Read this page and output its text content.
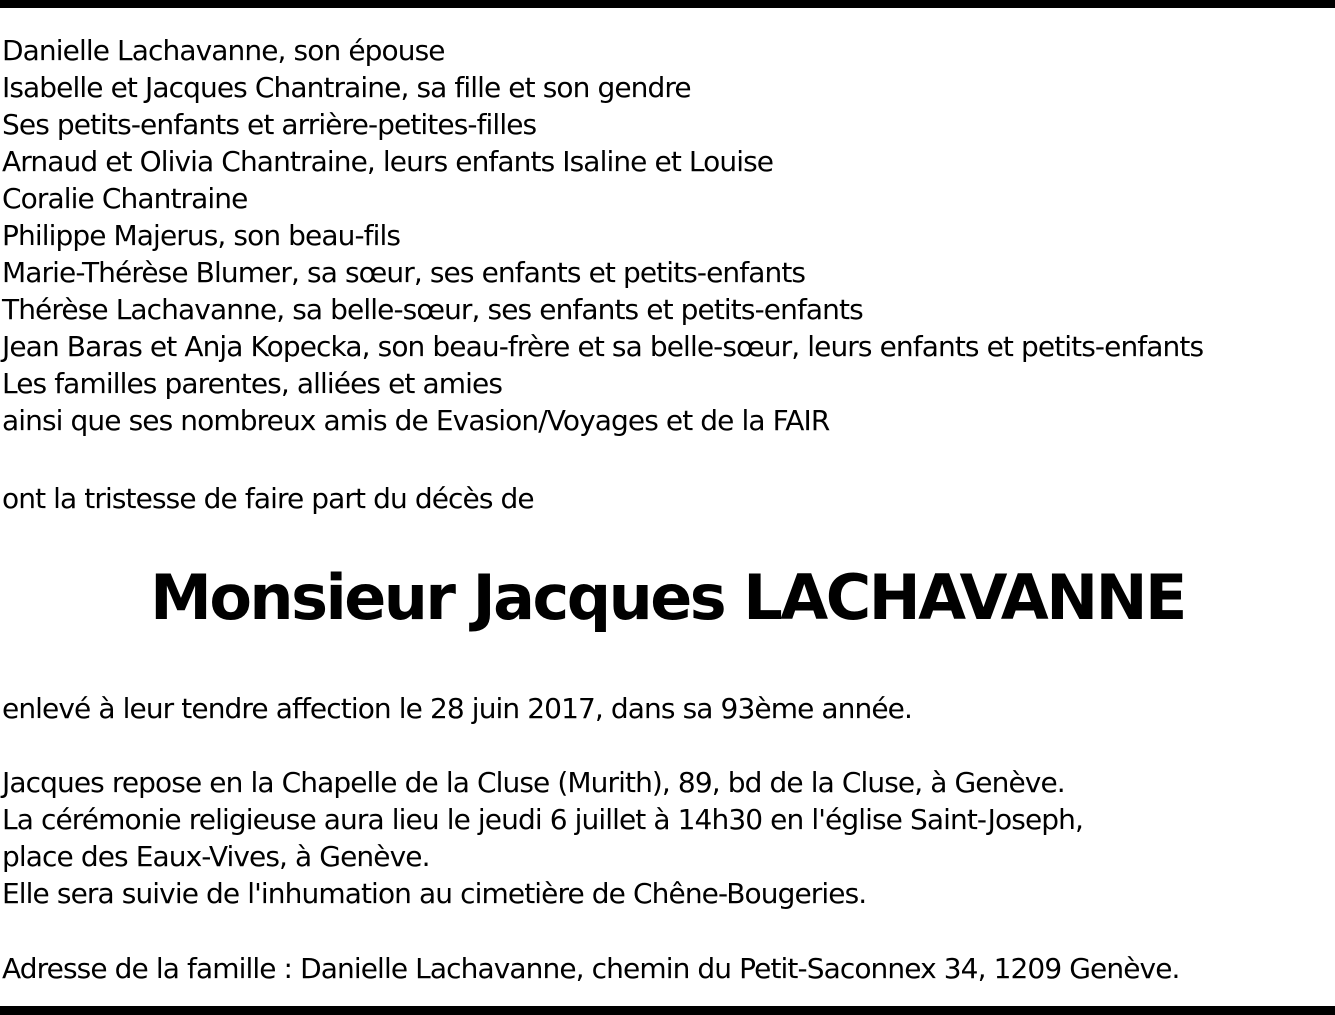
Danielle Lachavanne, son épouse
Isabelle et Jacques Chantraine, sa fille et son gendre
Ses petits-enfants et arrière-petites-filles
Arnaud et Olivia Chantraine, leurs enfants Isaline et Louise
Coralie Chantraine
Philippe Majerus, son beau-fils
Marie-Thérèse Blumer, sa sœur, ses enfants et petits-enfants
Thérèse Lachavanne, sa belle-sœur, ses enfants et petits-enfants
Jean Baras et Anja Kopecka, son beau-frère et sa belle-sœur, leurs enfants et petits-enfants
Les familles parentes, alliées et amies
ainsi que ses nombreux amis de Evasion/Voyages et de la FAIR

ont la tristesse de faire part du décès de

Monsieur Jacques LACHAVANNE

enlevé à leur tendre affection le 28 juin 2017, dans sa 93ème année.

Jacques repose en la Chapelle de la Cluse (Murith), 89, bd de la Cluse, à Genève.
La cérémonie religieuse aura lieu le jeudi 6 juillet à 14h30 en l'église Saint-Joseph,
place des Eaux-Vives, à Genève.
Elle sera suivie de l'inhumation au cimetière de Chêne-Bougeries.

Adresse de la famille : Danielle Lachavanne, chemin du Petit-Saconnex 34, 1209 Genève.
